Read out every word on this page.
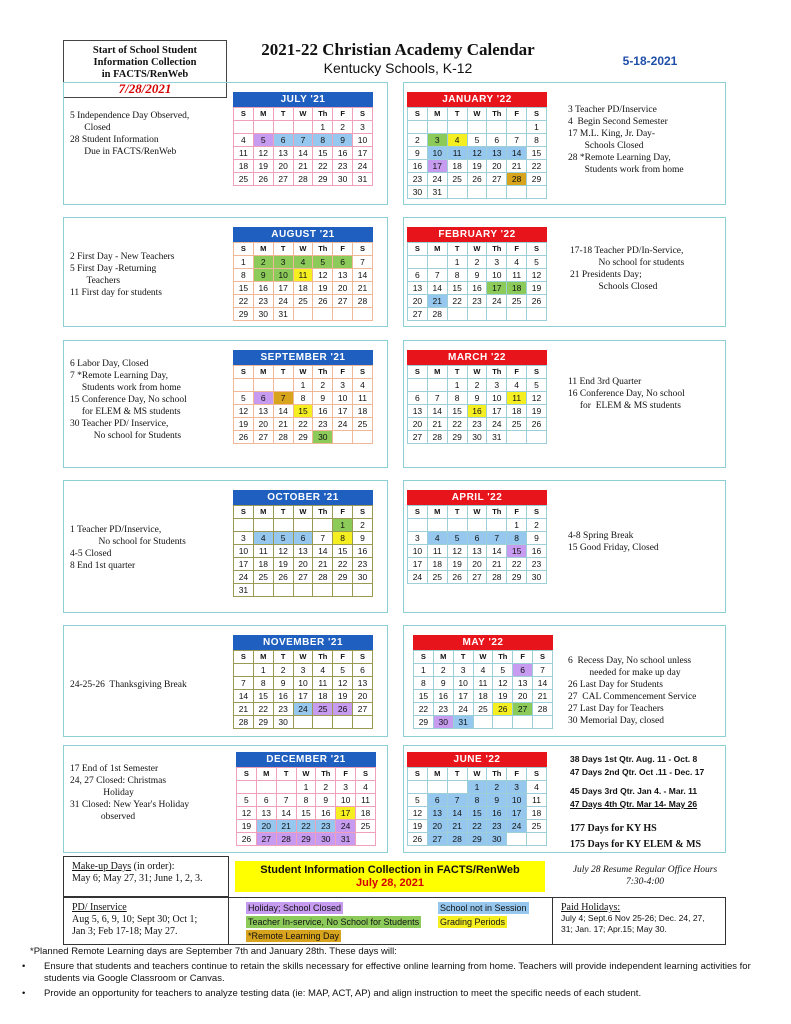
Start of School Student
Information Collection
in FACTS/RenWeb
7/28/2021
2021-22 Christian Academy Calendar
Kentucky Schools, K-12	5-18-2021
5 Independence Day Observed,
Closed
28 Student Information
Due in FACTS/RenWeb
3 Teacher PD/Inservice
4  Begin Second Semester
17 M.L. King, Jr. Day-
Schools Closed
28 *Remote Learning Day,
Students work from home
2 First Day - New Teachers
5 First Day -Returning
Teachers
11 First day for students
17-18 Teacher PD/In-Service,
No school for students
21 Presidents Day;
Schools Closed
6 Labor Day, Closed
7 *Remote Learning Day,
Students work from home
15 Conference Day, No school
for ELEM & MS students
30 Teacher PD/ Inservice,
No school for Students
11 End 3rd Quarter
16 Conference Day, No school
for  ELEM & MS students
1 Teacher PD/Inservice,
No school for Students
4-5 Closed
8 End 1st quarter
4-8 Spring Break
15 Good Friday, Closed
24-25-26  Thanksgiving Break
6  Recess Day, No school unless
needed for make up day
26 Last Day for Students
27  CAL Commencement Service
27 Last Day for Teachers
30 Memorial Day, closed
17 End of 1st Semester
24, 27 Closed: Christmas
Holiday
31 Closed: New Year's Holiday
observed
38 Days 1st Qtr. Aug. 11 - Oct. 8
47 Days 2nd Qtr. Oct .11 - Dec. 17
45 Days 3rd Qtr. Jan 4. - Mar. 11
47 Days 4th Qtr. Mar 14- May 26
177 Days for KY HS
175 Days for KY ELEM & MS
JULY '21
S	M	T	W	Th	F	S
				1	2	3
4	5	6	7	8	9	10
11	12	13	14	15	16	17
18	19	20	21	22	23	24
25	26	27	28	29	30	31
JANUARY '22
S	M	T	W	Th	F	S
						1
2	3	4	5	6	7	8
9	10	11	12	13	14	15
16	17	18	19	20	21	22
23	24	25	26	27	28	29
30	31					
AUGUST '21
S	M	T	W	Th	F	S
1	2	3	4	5	6	7
8	9	10	11	12	13	14
15	16	17	18	19	20	21
22	23	24	25	26	27	28
29	30	31				
FEBRUARY '22
S	M	T	W	Th	F	S
		1	2	3	4	5
6	7	8	9	10	11	12
13	14	15	16	17	18	19
20	21	22	23	24	25	26
27	28					
SEPTEMBER '21
S	M	T	W	Th	F	S
			1	2	3	4
5	6	7	8	9	10	11
12	13	14	15	16	17	18
19	20	21	22	23	24	25
26	27	28	29	30		
MARCH '22
S	M	T	W	Th	F	S
		1	2	3	4	5
6	7	8	9	10	11	12
13	14	15	16	17	18	19
20	21	22	23	24	25	26
27	28	29	30	31		
OCTOBER '21
S	M	T	W	Th	F	S
					1	2
3	4	5	6	7	8	9
10	11	12	13	14	15	16
17	18	19	20	21	22	23
24	25	26	27	28	29	30
31						
APRIL '22
S	M	T	W	Th	F	S
					1	2
3	4	5	6	7	8	9
10	11	12	13	14	15	16
17	18	19	20	21	22	23
24	25	26	27	28	29	30
NOVEMBER '21
S	M	T	W	Th	F	S
	1	2	3	4	5	6
7	8	9	10	11	12	13
14	15	16	17	18	19	20
21	22	23	24	25	26	27
28	29	30				
MAY '22
S	M	T	W	Th	F	S
1	2	3	4	5	6	7
8	9	10	11	12	13	14
15	16	17	18	19	20	21
22	23	24	25	26	27	28
29	30	31				
DECEMBER '21
S	M	T	W	Th	F	S
			1	2	3	4
5	6	7	8	9	10	11
12	13	14	15	16	17	18
19	20	21	22	23	24	25
26	27	28	29	30	31	
JUNE '22
S	M	T	W	Th	F	S
			1	2	3	4
5	6	7	8	9	10	11
12	13	14	15	16	17	18
19	20	21	22	23	24	25
26	27	28	29	30		
Make-up Days (in order):
May 6; May 27, 31; June 1, 2, 3.
Student Information Collection in FACTS/RenWeb
July 28, 2021
July 28 Resume Regular Office Hours
7:30-4:00
PD/ Inservice
Aug 5, 6, 9, 10; Sept 30; Oct 1;
Jan 3; Feb 17-18; May 27.
Holiday; School Closed	School not in Session
Teacher In-service, No School for Students Grading Periods
*Remote Learning Day
Paid Holidays:
July 4; Sept.6 Nov 25-26; Dec. 24, 27,
31; Jan. 17; Apr.15; May 30.
*Planned Remote Learning days are September 7th and January 28th. These days will:
•	Ensure that students and teachers continue to retain the skills necessary for effective online learning from home. Teachers will provide independent learning activities for students via Google Classroom or Canvas.
•	Provide an opportunity for teachers to analyze testing data (ie: MAP, ACT, AP) and align instruction to meet the specific needs of each student.
